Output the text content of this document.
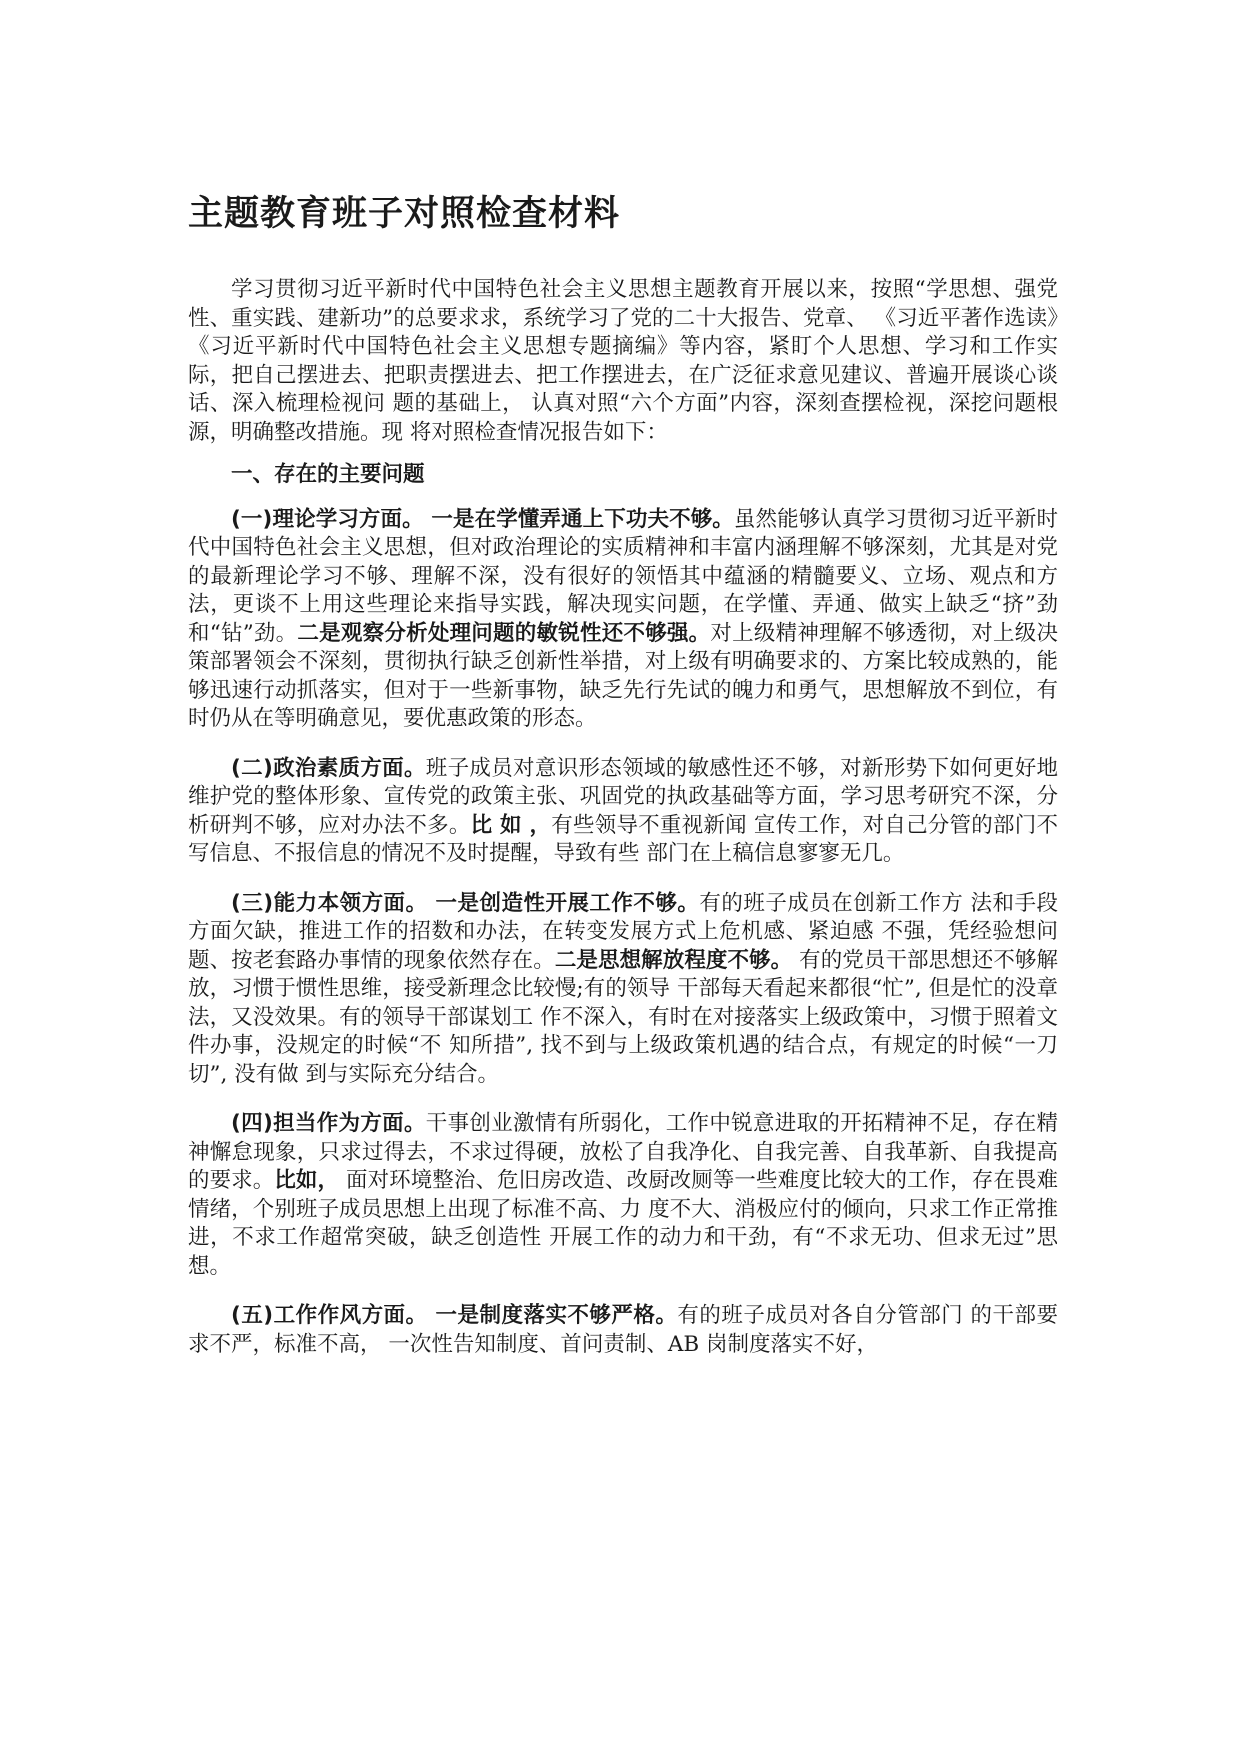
主题教育班子对照检查材料

学习贯彻习近平新时代中国特色社会主义思想主题教育开展以来，按照“学思想、强党性、重实践、建新功”的总要求求，系统学习了党的二十大报告、党章、 《习近平著作选读》《习近平新时代中国特色社会主义思想专题摘编》等内容，紧盯个人思想、学习和工作实际，把自己摆进去、把职责摆进去、把工作摆进去，在广泛征求意见建议、普遍开展谈心谈话、深入梳理检视问 题的基础上， 认真对照“六个方面”内容，深刻查摆检视，深挖问题根源，明确整改措施。现 将对照检查情况报告如下：

一、存在的主要问题

(一)理论学习方面。 一是在学懂弄通上下功夫不够。虽然能够认真学习贯彻习近平新时代中国特色社会主义思想，但对政治理论的实质精神和丰富内涵理解不够深刻，尤其是对党的最新理论学习不够、理解不深，没有很好的领悟其中蕴涵的精髓要义、立场、观点和方法，更谈不上用这些理论来指导实践，解决现实问题，在学懂、弄通、做实上缺乏“挤”劲和“钻”劲。二是观察分析处理问题的敏锐性还不够强。对上级精神理解不够透彻，对上级决策部署领会不深刻，贯彻执行缺乏创新性举措，对上级有明确要求的、方案比较成熟的，能够迅速行动抓落实，但对于一些新事物，缺乏先行先试的魄力和勇气，思想解放不到位，有时仍从在等明确意见，要优惠政策的形态。

(二)政治素质方面。班子成员对意识形态领域的敏感性还不够，对新形势下如何更好地维护党的整体形象、宣传党的政策主张、巩固党的执政基础等方面，学习思考研究不深，分析研判不够，应对办法不多。比 如 ，有些领导不重视新闻 宣传工作，对自己分管的部门不写信息、不报信息的情况不及时提醒，导致有些 部门在上稿信息寥寥无几。

(三)能力本领方面。 一是创造性开展工作不够。有的班子成员在创新工作方 法和手段方面欠缺，推进工作的招数和办法，在转变发展方式上危机感、紧迫感 不强，凭经验想问题、按老套路办事情的现象依然存在。二是思想解放程度不够。 有的党员干部思想还不够解放，习惯于惯性思维，接受新理念比较慢;有的领导 干部每天看起来都很“忙”, 但是忙的没章法，又没效果。有的领导干部谋划工 作不深入，有时在对接落实上级政策中，习惯于照着文件办事，没规定的时候“不 知所措”, 找不到与上级政策机遇的结合点，有规定的时候“一刀切”, 没有做 到与实际充分结合。

(四)担当作为方面。干事创业激情有所弱化，工作中锐意进取的开拓精神不足，存在精神懈怠现象，只求过得去，不求过得硬，放松了自我净化、自我完善、自我革新、自我提高的要求。比如， 面对环境整治、危旧房改造、改厨改厕等一些难度比较大的工作，存在畏难情绪，个别班子成员思想上出现了标准不高、力 度不大、消极应付的倾向，只求工作正常推进，不求工作超常突破，缺乏创造性 开展工作的动力和干劲，有“不求无功、但求无过”思想。

(五)工作作风方面。 一是制度落实不够严格。有的班子成员对各自分管部门 的干部要求不严，标准不高， 一次性告知制度、首问责制、AB 岗制度落实不好，
